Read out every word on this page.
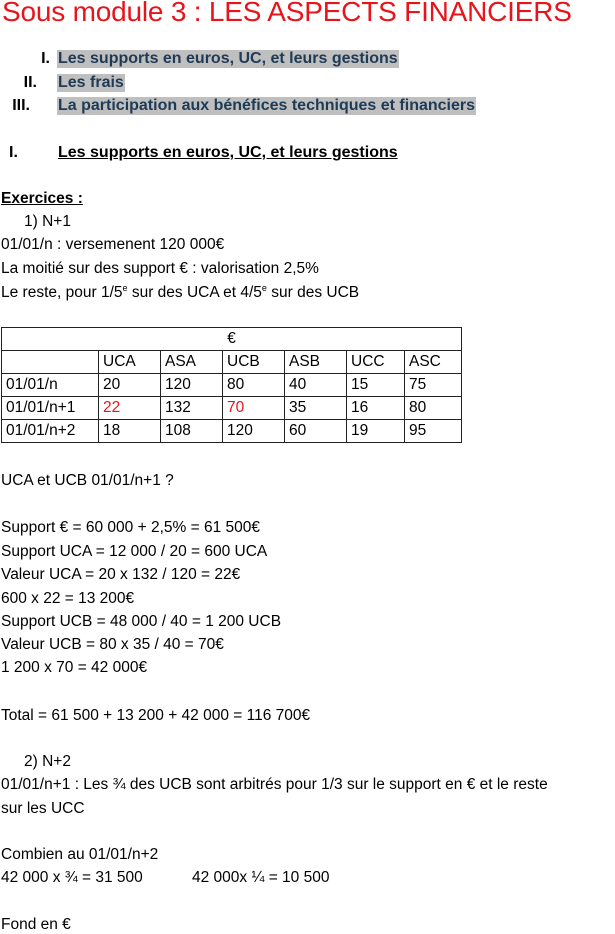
Sous module 3 : LES ASPECTS FINANCIERS
I. Les supports en euros, UC, et leurs gestions
II. Les frais
III. La participation aux bénéfices techniques et financiers
I.	Les supports en euros, UC, et leurs gestions
Exercices :
1) N+1
01/01/n : versemenent 120 000€
La moitié sur des support € : valorisation 2,5%
Le reste, pour 1/5e sur des UCA et 4/5e sur des UCB
€						
	UCA	ASA	UCB	ASB	UCC	ASC
01/01/n	20	120	80	40	15	75
01/01/n+1	22	132	70	35	16	80
01/01/n+2	18	108	120	60	19	95
UCA et UCB 01/01/n+1 ?
Support € = 60 000 + 2,5% = 61 500€
Support UCA = 12 000 / 20 = 600 UCA
Valeur UCA = 20 x 132 / 120 = 22€
600 x 22 = 13 200€
Support UCB = 48 000 / 40 = 1 200 UCB
Valeur UCB = 80 x 35 / 40 = 70€
1 200 x 70 = 42 000€
Total = 61 500 + 13 200 + 42 000 = 116 700€
2) N+2
01/01/n+1 : Les ¾ des UCB sont arbitrés pour 1/3 sur le support en € et le reste
sur les UCC
Combien au 01/01/n+2
42 000 x ¾ = 31 500	42 000x ¼ = 10 500
Fond en €
